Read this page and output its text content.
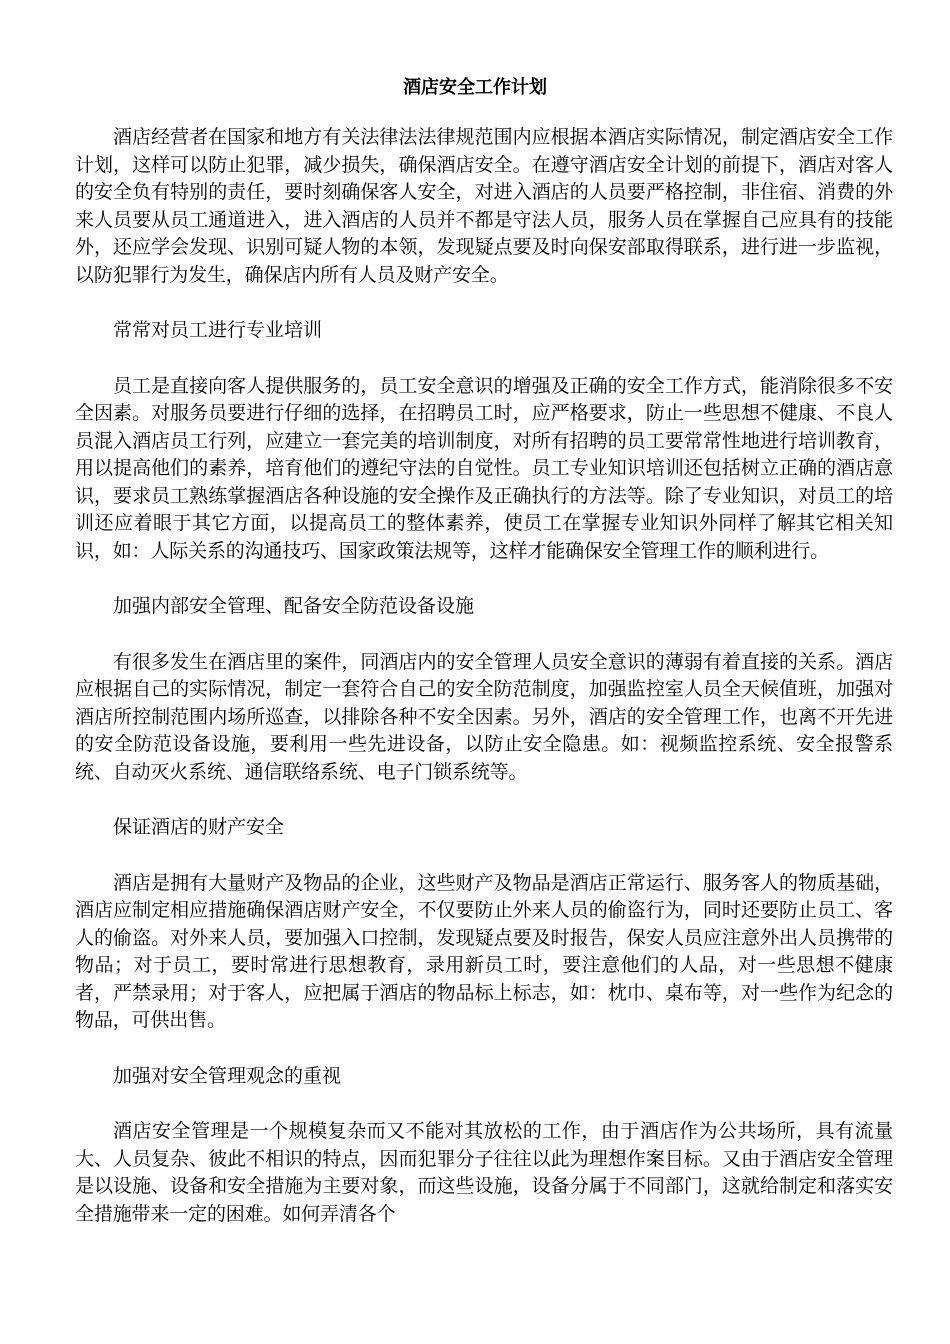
酒店安全工作计划

酒店经营者在国家和地方有关法律法法律规范围内应根据本酒店实际情况，制定酒店安全工作计划，这样可以防止犯罪，减少损失，确保酒店安全。在遵守酒店安全计划的前提下，酒店对客人的安全负有特别的责任，要时刻确保客人安全，对进入酒店的人员要严格控制，非住宿、消费的外来人员要从员工通道进入，进入酒店的人员并不都是守法人员，服务人员在掌握自己应具有的技能外，还应学会发现、识别可疑人物的本领，发现疑点要及时向保安部取得联系，进行进一步监视，以防犯罪行为发生，确保店内所有人员及财产安全。

常常对员工进行专业培训

员工是直接向客人提供服务的，员工安全意识的增强及正确的安全工作方式，能消除很多不安全因素。对服务员要进行仔细的选择，在招聘员工时，应严格要求，防止一些思想不健康、不良人员混入酒店员工行列，应建立一套完美的培训制度，对所有招聘的员工要常常性地进行培训教育，用以提高他们的素养，培育他们的遵纪守法的自觉性。员工专业知识培训还包括树立正确的酒店意识，要求员工熟练掌握酒店各种设施的安全操作及正确执行的方法等。除了专业知识，对员工的培训还应着眼于其它方面，以提高员工的整体素养，使员工在掌握专业知识外同样了解其它相关知识，如：人际关系的沟通技巧、国家政策法规等，这样才能确保安全管理工作的顺利进行。

加强内部安全管理、配备安全防范设备设施

有很多发生在酒店里的案件，同酒店内的安全管理人员安全意识的薄弱有着直接的关系。酒店应根据自己的实际情况，制定一套符合自己的安全防范制度，加强监控室人员全天候值班，加强对酒店所控制范围内场所巡查，以排除各种不安全因素。另外，酒店的安全管理工作，也离不开先进的安全防范设备设施，要利用一些先进设备，以防止安全隐患。如：视频监控系统、安全报警系统、自动灭火系统、通信联络系统、电子门锁系统等。

保证酒店的财产安全

酒店是拥有大量财产及物品的企业，这些财产及物品是酒店正常运行、服务客人的物质基础，酒店应制定相应措施确保酒店财产安全，不仅要防止外来人员的偷盗行为，同时还要防止员工、客人的偷盗。对外来人员，要加强入口控制，发现疑点要及时报告，保安人员应注意外出人员携带的物品；对于员工，要时常进行思想教育，录用新员工时，要注意他们的人品，对一些思想不健康者，严禁录用；对于客人，应把属于酒店的物品标上标志，如：枕巾、桌布等，对一些作为纪念的物品，可供出售。

加强对安全管理观念的重视

酒店安全管理是一个规模复杂而又不能对其放松的工作，由于酒店作为公共场所，具有流量大、人员复杂、彼此不相识的特点，因而犯罪分子往往以此为理想作案目标。又由于酒店安全管理是以设施、设备和安全措施为主要对象，而这些设施，设备分属于不同部门，这就给制定和落实安全措施带来一定的困难。如何弄清各个
